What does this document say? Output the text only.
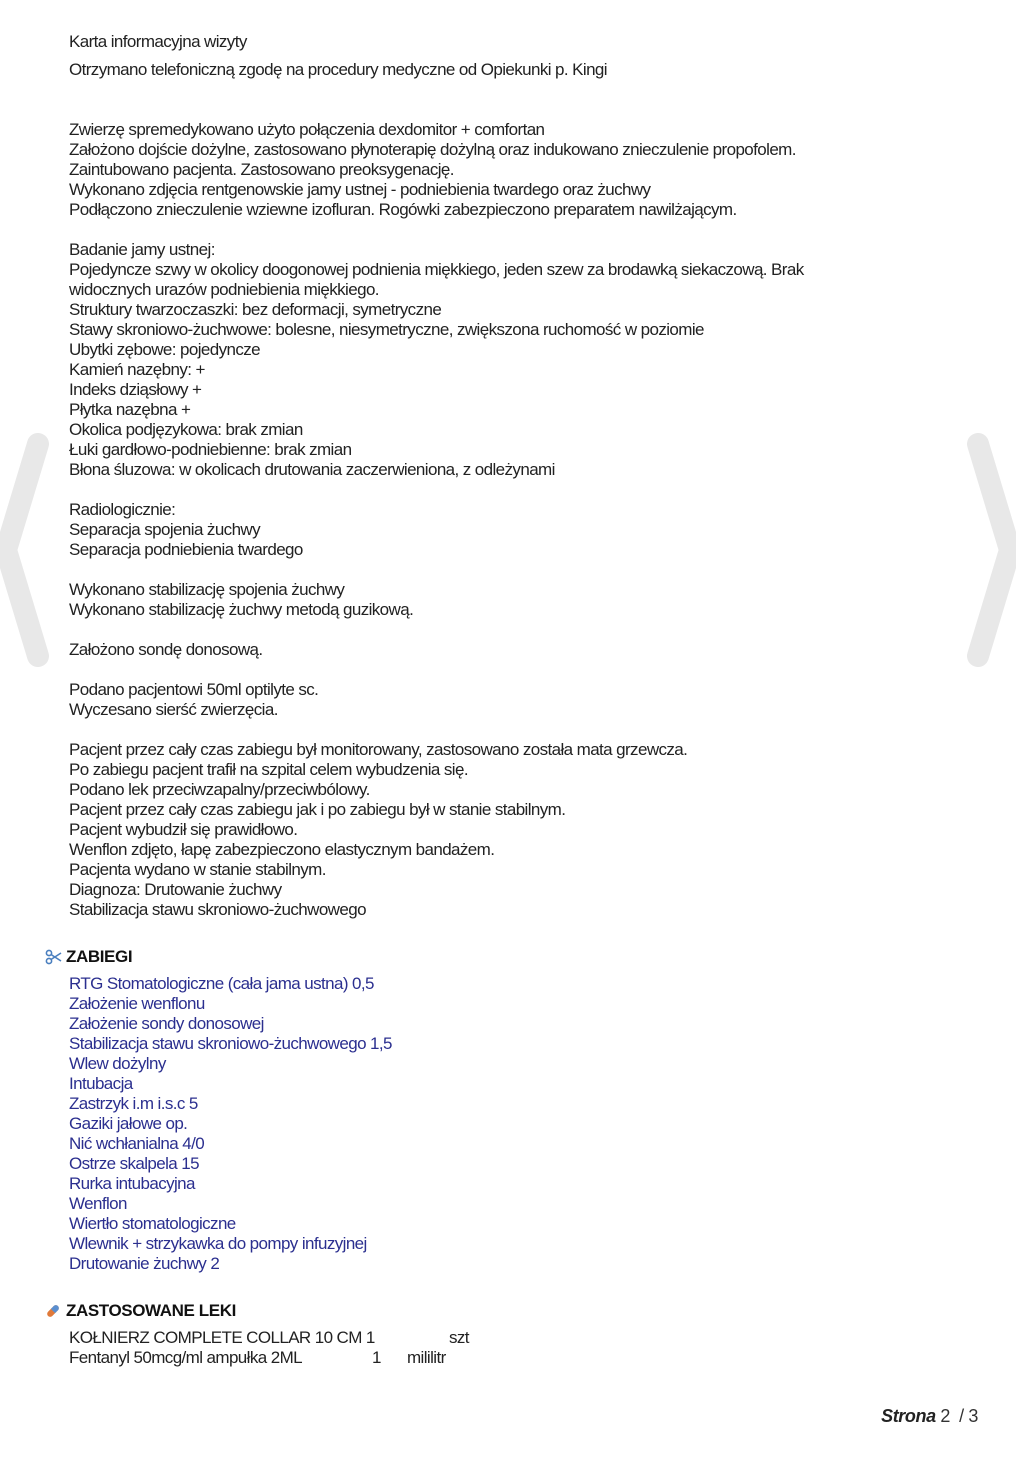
Karta informacyjna wizyty
Otrzymano telefoniczną zgodę na procedury medyczne od Opiekunki p. Kingi
Zwierzę spremedykowano użyto połączenia dexdomitor + comfortan
Założono dojście dożylne, zastosowano płynoterapię dożylną oraz indukowano znieczulenie propofolem.
Zaintubowano pacjenta. Zastosowano preoksygenację.
Wykonano zdjęcia rentgenowskie jamy ustnej - podniebienia twardego oraz żuchwy
Podłączono znieczulenie wziewne izofluran. Rogówki zabezpieczono preparatem nawilżającym.
Badanie jamy ustnej:
Pojedyncze szwy w okolicy doogonowej podnienia miękkiego, jeden szew za brodawką siekaczową. Brak
widocznych urazów podniebienia miękkiego.
Struktury twarzoczaszki: bez deformacji, symetryczne
Stawy skroniowo-żuchwowe: bolesne, niesymetryczne, zwiększona ruchomość w poziomie
Ubytki zębowe: pojedyncze
Kamień nazębny: +
Indeks dziąsłowy +
Płytka nazębna +
Okolica podjęzykowa: brak zmian
Łuki gardłowo-podniebienne: brak zmian
Błona śluzowa: w okolicach drutowania zaczerwieniona, z odleżynami
Radiologicznie:
Separacja spojenia żuchwy
Separacja podniebienia twardego
Wykonano stabilizację spojenia żuchwy
Wykonano stabilizację żuchwy metodą guzikową.
Założono sondę donosową.
Podano pacjentowi 50ml optilyte sc.
Wyczesano sierść zwierzęcia.
Pacjent przez cały czas zabiegu był monitorowany, zastosowano została mata grzewcza.
Po zabiegu pacjent trafił na szpital celem wybudzenia się.
Podano lek przeciwzapalny/przeciwbólowy.
Pacjent przez cały czas zabiegu jak i po zabiegu był w stanie stabilnym.
Pacjent wybudził się prawidłowo.
Wenflon zdjęto, łapę zabezpieczono elastycznym bandażem.
Pacjenta wydano w stanie stabilnym.
Diagnoza: Drutowanie żuchwy
Stabilizacja stawu skroniowo-żuchwowego
ZABIEGI
RTG Stomatologiczne (cała jama ustna) 0,5
Założenie wenflonu
Założenie sondy donosowej
Stabilizacja stawu skroniowo-żuchwowego 1,5
Wlew dożylny
Intubacja
Zastrzyk i.m i.s.c 5
Gaziki jałowe op.
Nić wchłanialna 4/0
Ostrze skalpela 15
Rurka intubacyjna
Wenflon
Wiertło stomatologiczne
Wlewnik + strzykawka do pompy infuzyjnej
Drutowanie żuchwy 2
ZASTOSOWANE LEKI
KOŁNIERZ COMPLETE COLLAR 10 CM 1	szt
Fentanyl 50mcg/ml ampułka 2ML	1 mililitr
Strona 2 / 3
